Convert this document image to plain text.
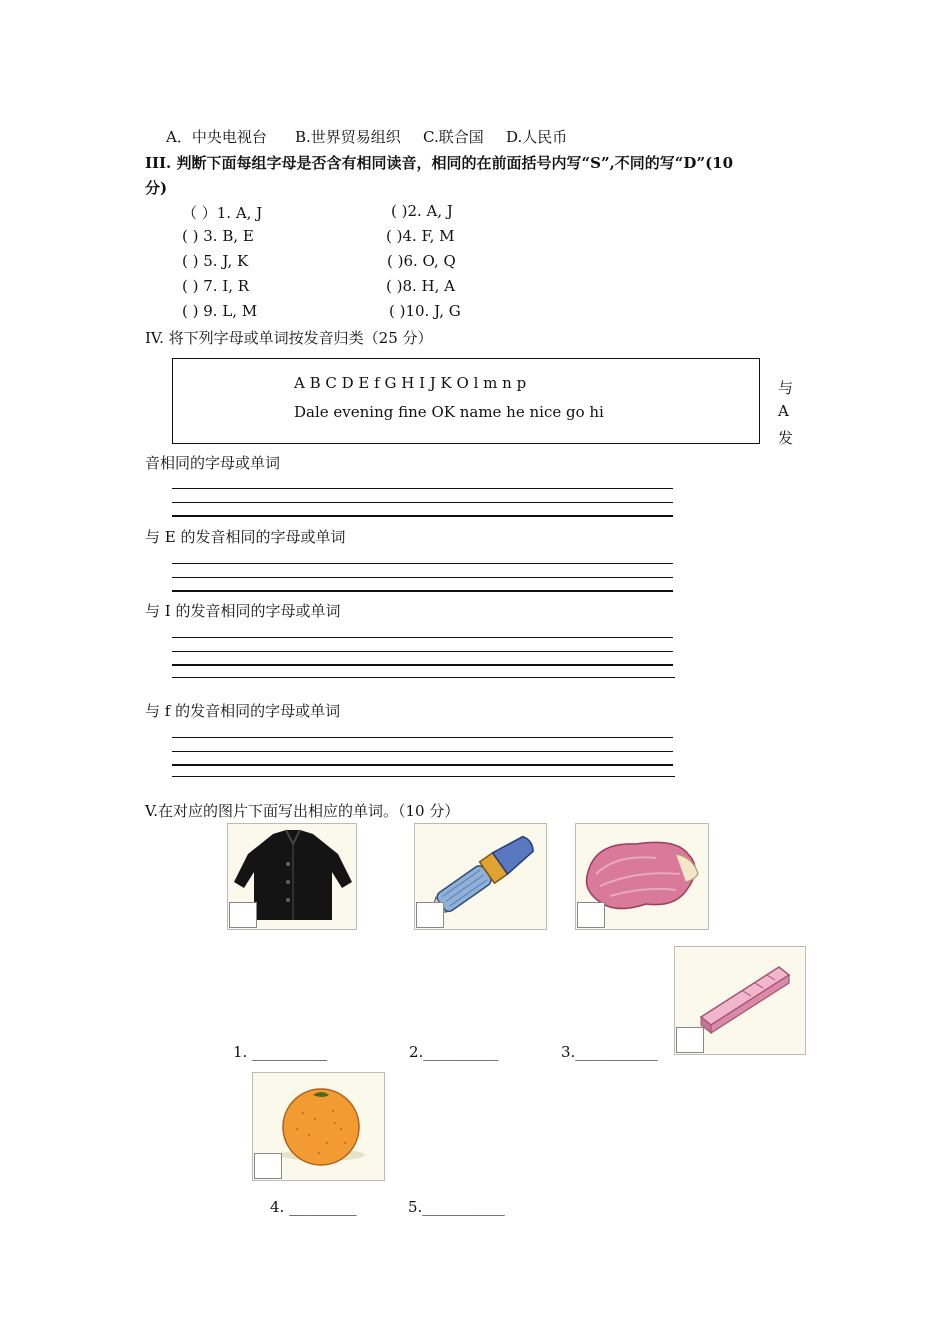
A．中央电视台 B.世界贸易组织 C.联合国 D.人民币
III. 判断下面每组字母是否含有相同读音，相同的在前面括号内写“S”,不同的写“D”(10
分)
（ ）1. A, J	( )2. A, J
( ) 3. B, E	( )4. F, M
( ) 5. J, K	( )6. O, Q
( ) 7. I, R	( )8. H, A
( ) 9. L, M	( )10. J, G
IV. 将下列字母或单词按发音归类（25 分）
A B C D E f G H I J K O l m n p
Dale evening fine OK name he nice go hi
与
A
发
音相同的字母或单词
与 E 的发音相同的字母或单词
与 I 的发音相同的字母或单词
与 f 的发音相同的字母或单词
V.在对应的图片下面写出相应的单词。（10 分）
1. __________	2.__________	3.___________
4. _________	5.___________
